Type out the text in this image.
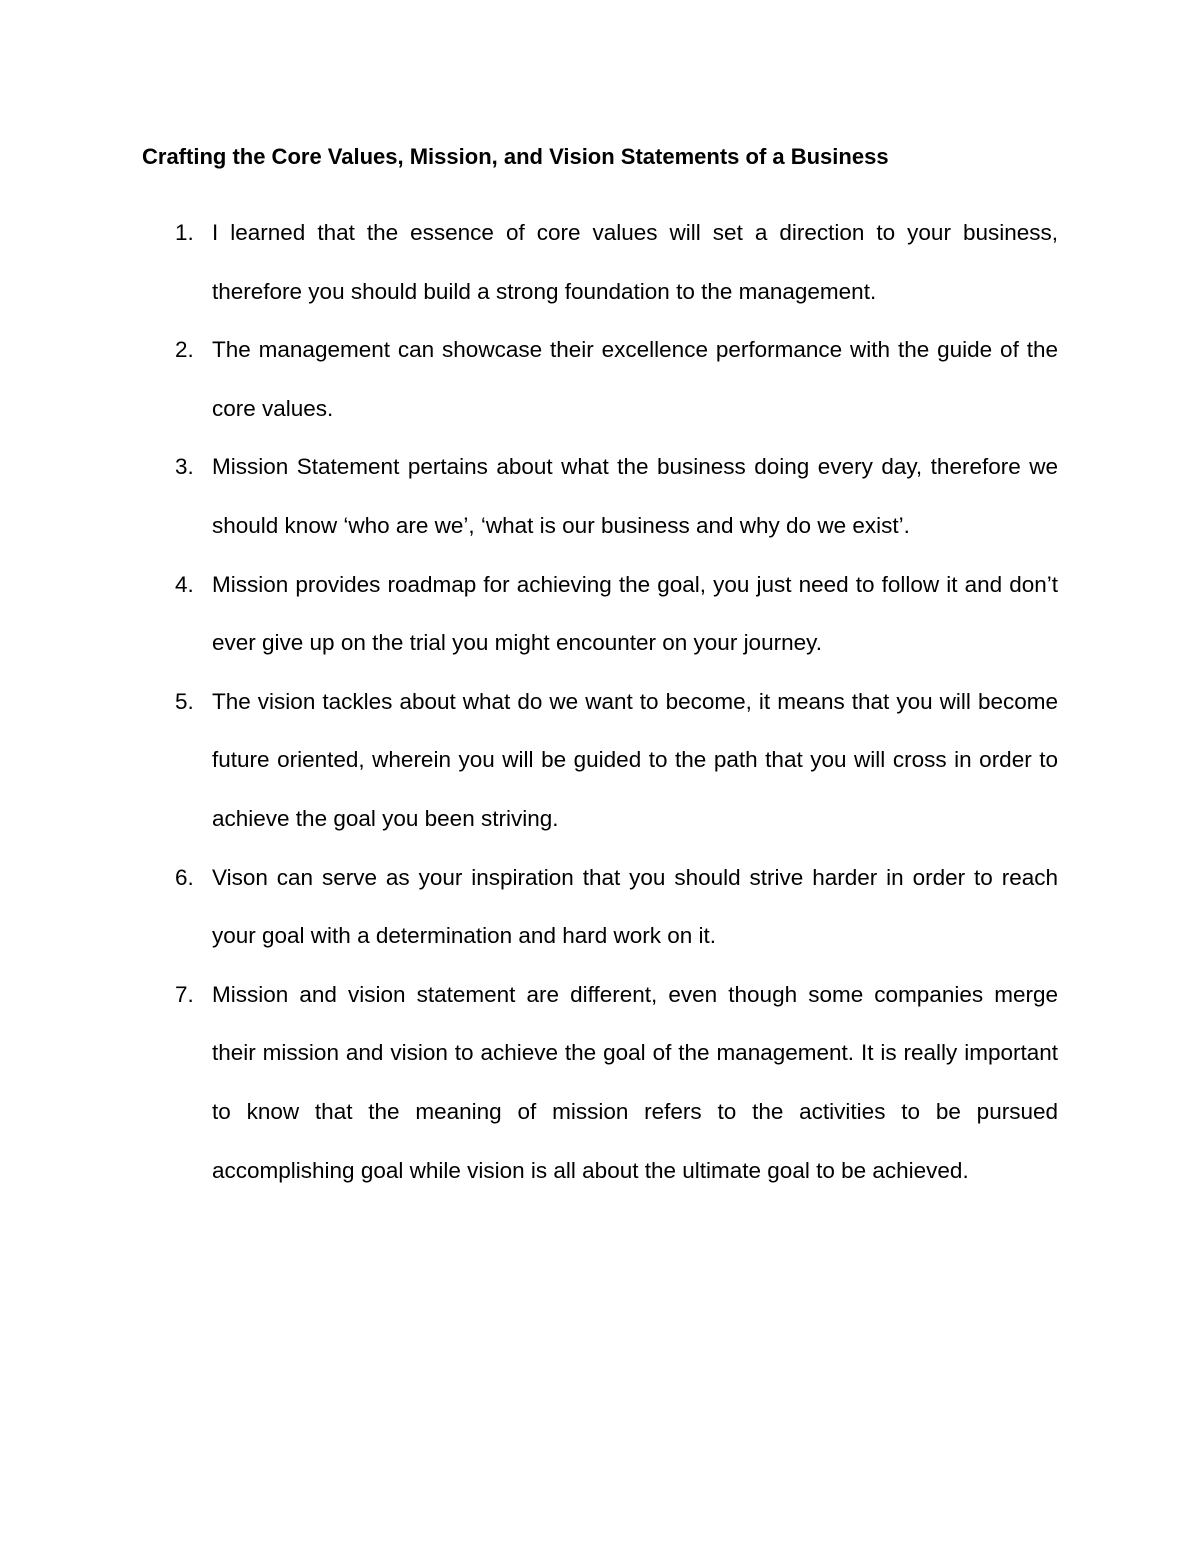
Crafting the Core Values, Mission, and Vision Statements of a Business
1. I learned that the essence of core values will set a direction to your business, therefore you should build a strong foundation to the management.
2. The management can showcase their excellence performance with the guide of the core values.
3. Mission Statement pertains about what the business doing every day, therefore we should know ‘who are we’, ‘what is our business and why do we exist’.
4. Mission provides roadmap for achieving the goal, you just need to follow it and don’t ever give up on the trial you might encounter on your journey.
5. The vision tackles about what do we want to become, it means that you will become future oriented, wherein you will be guided to the path that you will cross in order to achieve the goal you been striving.
6. Vison can serve as your inspiration that you should strive harder in order to reach your goal with a determination and hard work on it.
7. Mission and vision statement are different, even though some companies merge their mission and vision to achieve the goal of the management. It is really important to know that the meaning of mission refers to the activities to be pursued accomplishing goal while vision is all about the ultimate goal to be achieved.
